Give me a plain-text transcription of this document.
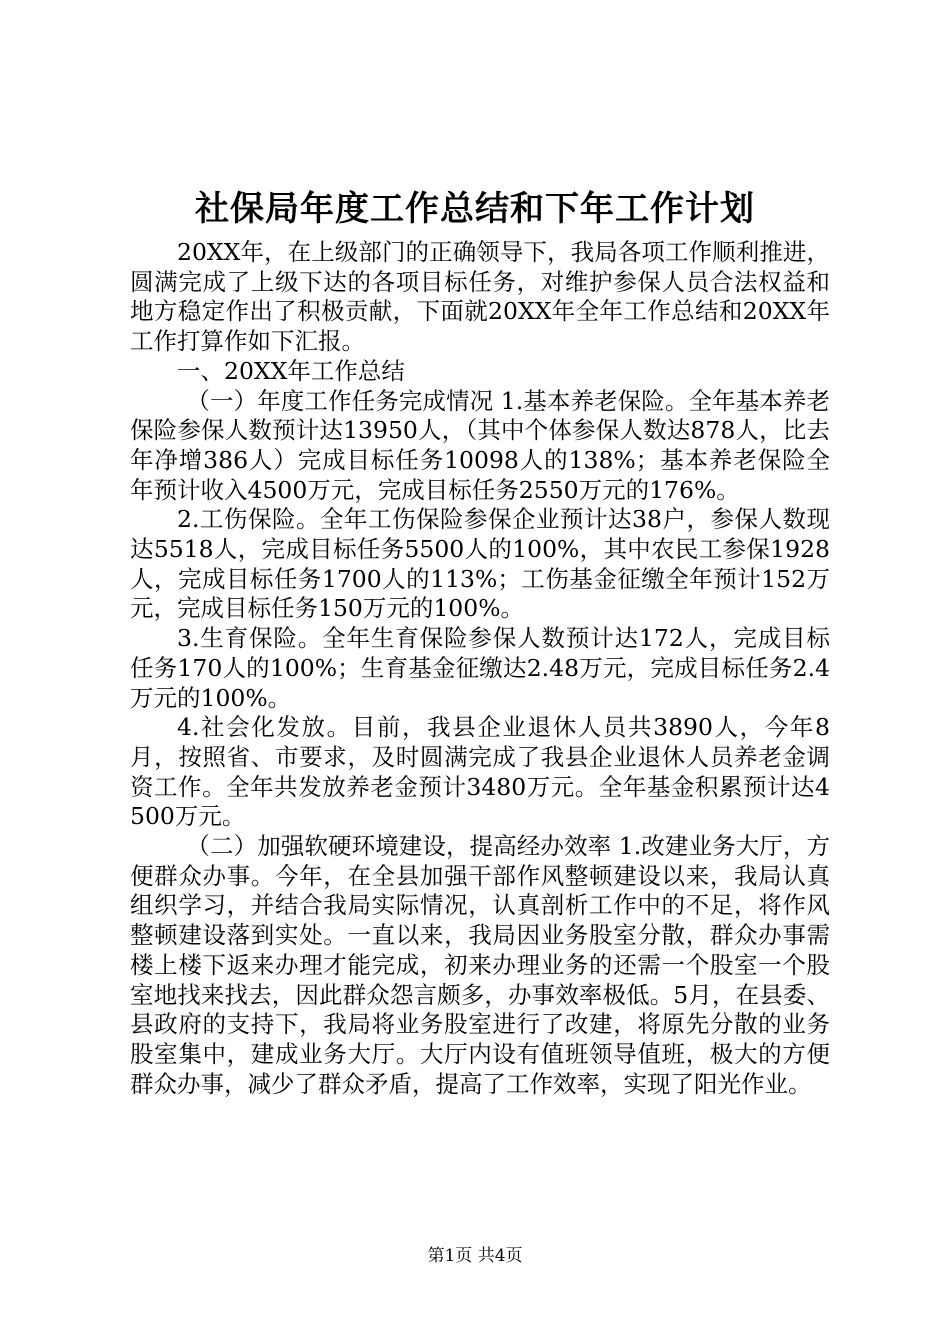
社保局年度工作总结和下年工作计划

20XX年，在上级部门的正确领导下，我局各项工作顺利推进，圆满完成了上级下达的各项目标任务，对维护参保人员合法权益和地方稳定作出了积极贡献，下面就20XX年全年工作总结和20XX年工作打算作如下汇报。

一、20XX年工作总结

（一）年度工作任务完成情况 1.基本养老保险。全年基本养老保险参保人数预计达13950人，（其中个体参保人数达878人，比去年净增386人）完成目标任务10098人的138%；基本养老保险全年预计收入4500万元，完成目标任务2550万元的176%。

2.工伤保险。全年工伤保险参保企业预计达38户，参保人数现达5518人，完成目标任务5500人的100%，其中农民工参保1928人，完成目标任务1700人的113%；工伤基金征缴全年预计152万元，完成目标任务150万元的100%。

3.生育保险。全年生育保险参保人数预计达172人，完成目标任务170人的100%；生育基金征缴达2.48万元，完成目标任务2.4万元的100%。

4.社会化发放。目前，我县企业退休人员共3890人，今年8月，按照省、市要求，及时圆满完成了我县企业退休人员养老金调资工作。全年共发放养老金预计3480万元。全年基金积累预计达4500万元。

（二）加强软硬环境建设，提高经办效率 1.改建业务大厅，方便群众办事。今年，在全县加强干部作风整顿建设以来，我局认真组织学习，并结合我局实际情况，认真剖析工作中的不足，将作风整顿建设落到实处。一直以来，我局因业务股室分散，群众办事需楼上楼下返来办理才能完成，初来办理业务的还需一个股室一个股室地找来找去，因此群众怨言颇多，办事效率极低。5月，在县委、县政府的支持下，我局将业务股室进行了改建，将原先分散的业务股室集中，建成业务大厅。大厅内设有值班领导值班，极大的方便群众办事，减少了群众矛盾，提高了工作效率，实现了阳光作业。

第1页 共4页
